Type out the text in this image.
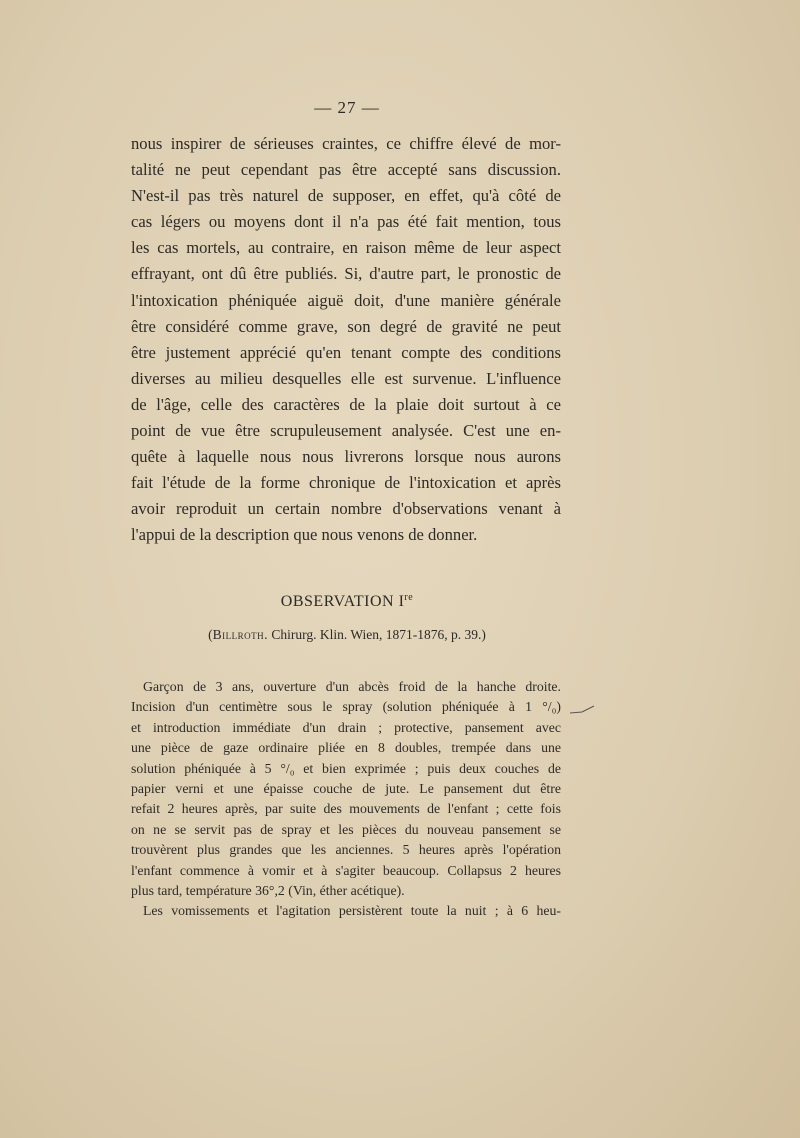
— 27 —
nous inspirer de sérieuses craintes, ce chiffre élevé de mor-
talité ne peut cependant pas être accepté sans discussion.
N'est-il pas très naturel de supposer, en effet, qu'à côté de
cas légers ou moyens dont il n'a pas été fait mention, tous
les cas mortels, au contraire, en raison même de leur aspect
effrayant, ont dû être publiés. Si, d'autre part, le pronostic de
l'intoxication phéniquée aiguë doit, d'une manière générale
être considéré comme grave, son degré de gravité ne peut
être justement apprécié qu'en tenant compte des conditions
diverses au milieu desquelles elle est survenue. L'influence
de l'âge, celle des caractères de la plaie doit surtout à ce
point de vue être scrupuleusement analysée. C'est une en-
quête à laquelle nous nous livrerons lorsque nous aurons
fait l'étude de la forme chronique de l'intoxication et après
avoir reproduit un certain nombre d'observations venant à
l'appui de la description que nous venons de donner.
OBSERVATION Ire
(Billroth. Chirurg. Klin. Wien, 1871-1876, p. 39.)
Garçon de 3 ans, ouverture d'un abcès froid de la hanche droite.
Incision d'un centimètre sous le spray (solution phéniquée à 1 °/₀)
et introduction immédiate d'un drain ; protective, pansement avec
une pièce de gaze ordinaire pliée en 8 doubles, trempée dans une
solution phéniquée à 5 °/₀ et bien exprimée ; puis deux couches de
papier verni et une épaisse couche de jute. Le pansement dut être
refait 2 heures après, par suite des mouvements de l'enfant ; cette fois
on ne se servit pas de spray et les pièces du nouveau pansement se
trouvèrent plus grandes que les anciennes. 5 heures après l'opération
l'enfant commence à vomir et à s'agiter beaucoup. Collapsus 2 heures
plus tard, température 36°,2 (Vin, éther acétique).
Les vomissements et l'agitation persistèrent toute la nuit ; à 6 heu-
